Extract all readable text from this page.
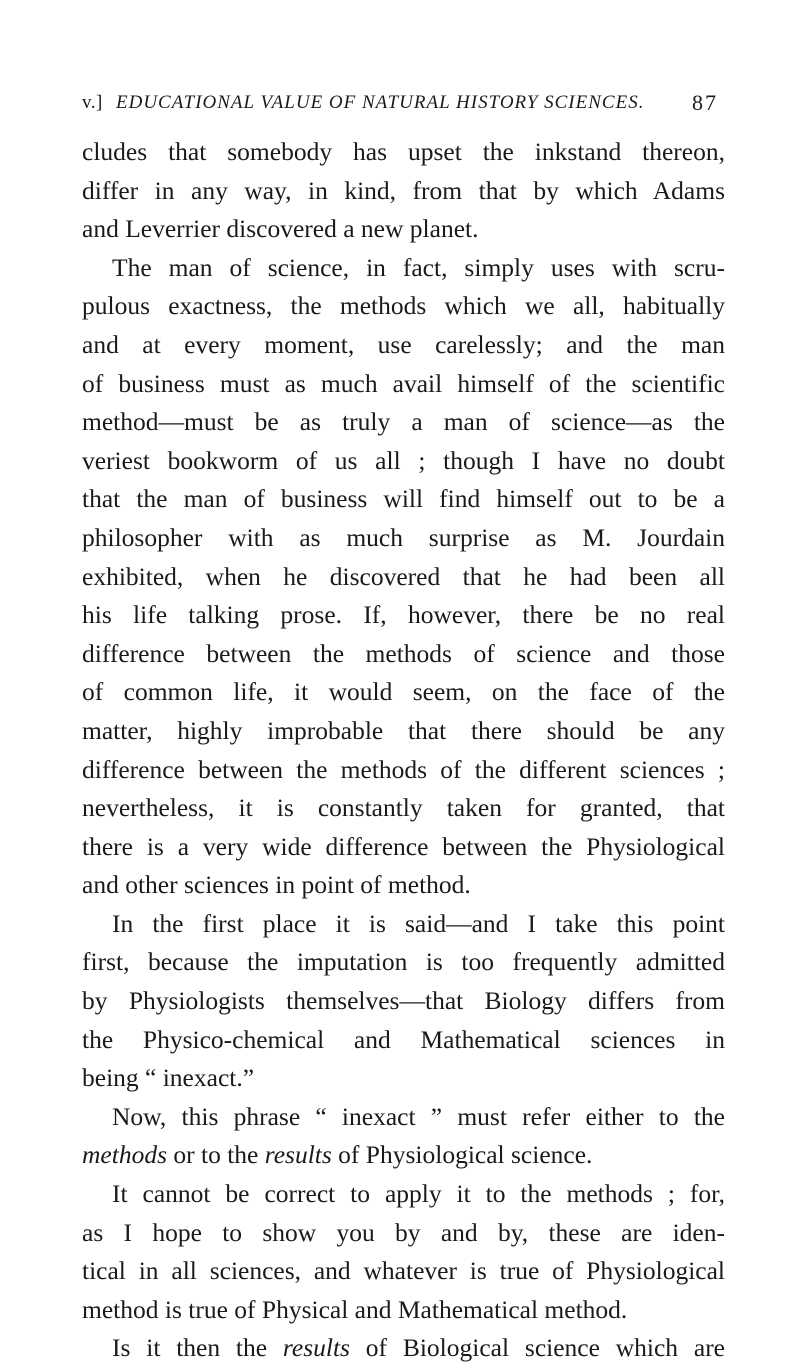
v.] EDUCATIONAL VALUE OF NATURAL HISTORY SCIENCES. 87
cludes that somebody has upset the inkstand thereon,
differ in any way, in kind, from that by which Adams
and Leverrier discovered a new planet.
The man of science, in fact, simply uses with scru-
pulous exactness, the methods which we all, habitually
and at every moment, use carelessly; and the man
of business must as much avail himself of the scientific
method—must be as truly a man of science—as the
veriest bookworm of us all ; though I have no doubt
that the man of business will find himself out to be a
philosopher with as much surprise as M. Jourdain
exhibited, when he discovered that he had been all
his life talking prose. If, however, there be no real
difference between the methods of science and those
of common life, it would seem, on the face of the
matter, highly improbable that there should be any
difference between the methods of the different sciences ;
nevertheless, it is constantly taken for granted, that
there is a very wide difference between the Physiological
and other sciences in point of method.
In the first place it is said—and I take this point
first, because the imputation is too frequently admitted
by Physiologists themselves—that Biology differs from
the Physico-chemical and Mathematical sciences in
being “ inexact.”
Now, this phrase “ inexact ” must refer either to the
methods or to the results of Physiological science.
It cannot be correct to apply it to the methods ; for,
as I hope to show you by and by, these are iden-
tical in all sciences, and whatever is true of Physiological
method is true of Physical and Mathematical method.
Is it then the results of Biological science which are
